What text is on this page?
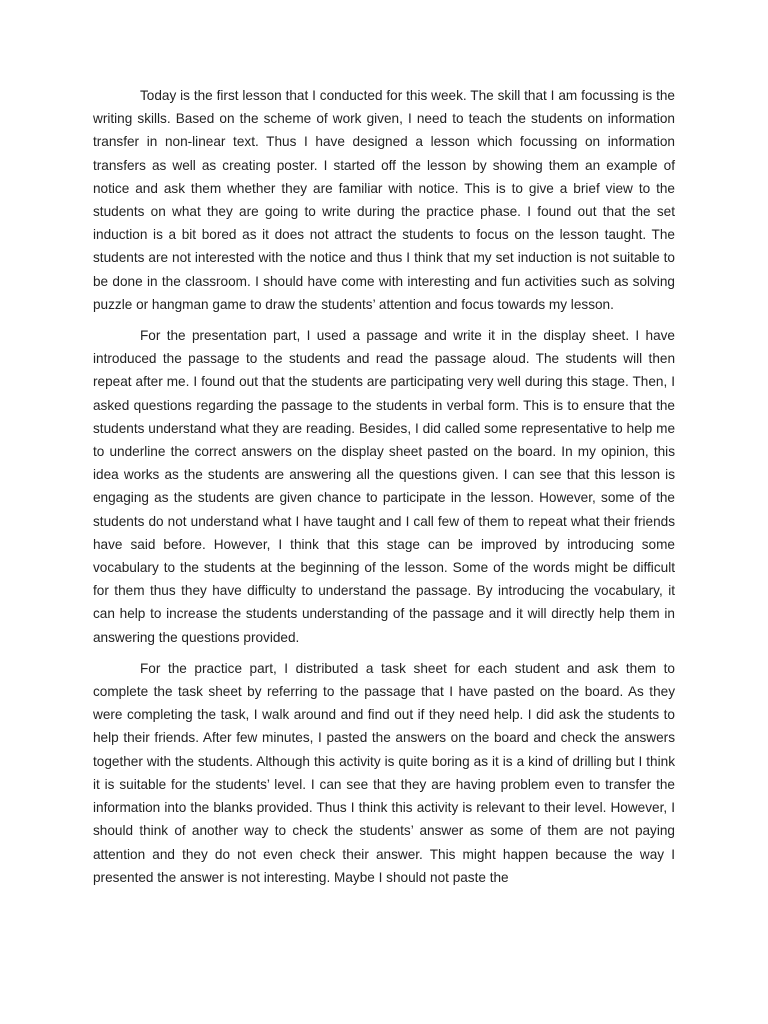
Today is the first lesson that I conducted for this week. The skill that I am focussing is the writing skills. Based on the scheme of work given, I need to teach the students on information transfer in non-linear text. Thus I have designed a lesson which focussing on information transfers as well as creating poster. I started off the lesson by showing them an example of notice and ask them whether they are familiar with notice. This is to give a brief view to the students on what they are going to write during the practice phase. I found out that the set induction is a bit bored as it does not attract the students to focus on the lesson taught. The students are not interested with the notice and thus I think that my set induction is not suitable to be done in the classroom. I should have come with interesting and fun activities such as solving puzzle or hangman game to draw the students’ attention and focus towards my lesson.

For the presentation part, I used a passage and write it in the display sheet. I have introduced the passage to the students and read the passage aloud. The students will then repeat after me. I found out that the students are participating very well during this stage. Then, I asked questions regarding the passage to the students in verbal form. This is to ensure that the students understand what they are reading. Besides, I did called some representative to help me to underline the correct answers on the display sheet pasted on the board. In my opinion, this idea works as the students are answering all the questions given. I can see that this lesson is engaging as the students are given chance to participate in the lesson. However, some of the students do not understand what I have taught and I call few of them to repeat what their friends have said before. However, I think that this stage can be improved by introducing some vocabulary to the students at the beginning of the lesson. Some of the words might be difficult for them thus they have difficulty to understand the passage. By introducing the vocabulary, it can help to increase the students understanding of the passage and it will directly help them in answering the questions provided.

For the practice part, I distributed a task sheet for each student and ask them to complete the task sheet by referring to the passage that I have pasted on the board. As they were completing the task, I walk around and find out if they need help. I did ask the students to help their friends. After few minutes, I pasted the answers on the board and check the answers together with the students. Although this activity is quite boring as it is a kind of drilling but I think it is suitable for the students’ level. I can see that they are having problem even to transfer the information into the blanks provided. Thus I think this activity is relevant to their level. However, I should think of another way to check the students’ answer as some of them are not paying attention and they do not even check their answer. This might happen because the way I presented the answer is not interesting. Maybe I should not paste the
